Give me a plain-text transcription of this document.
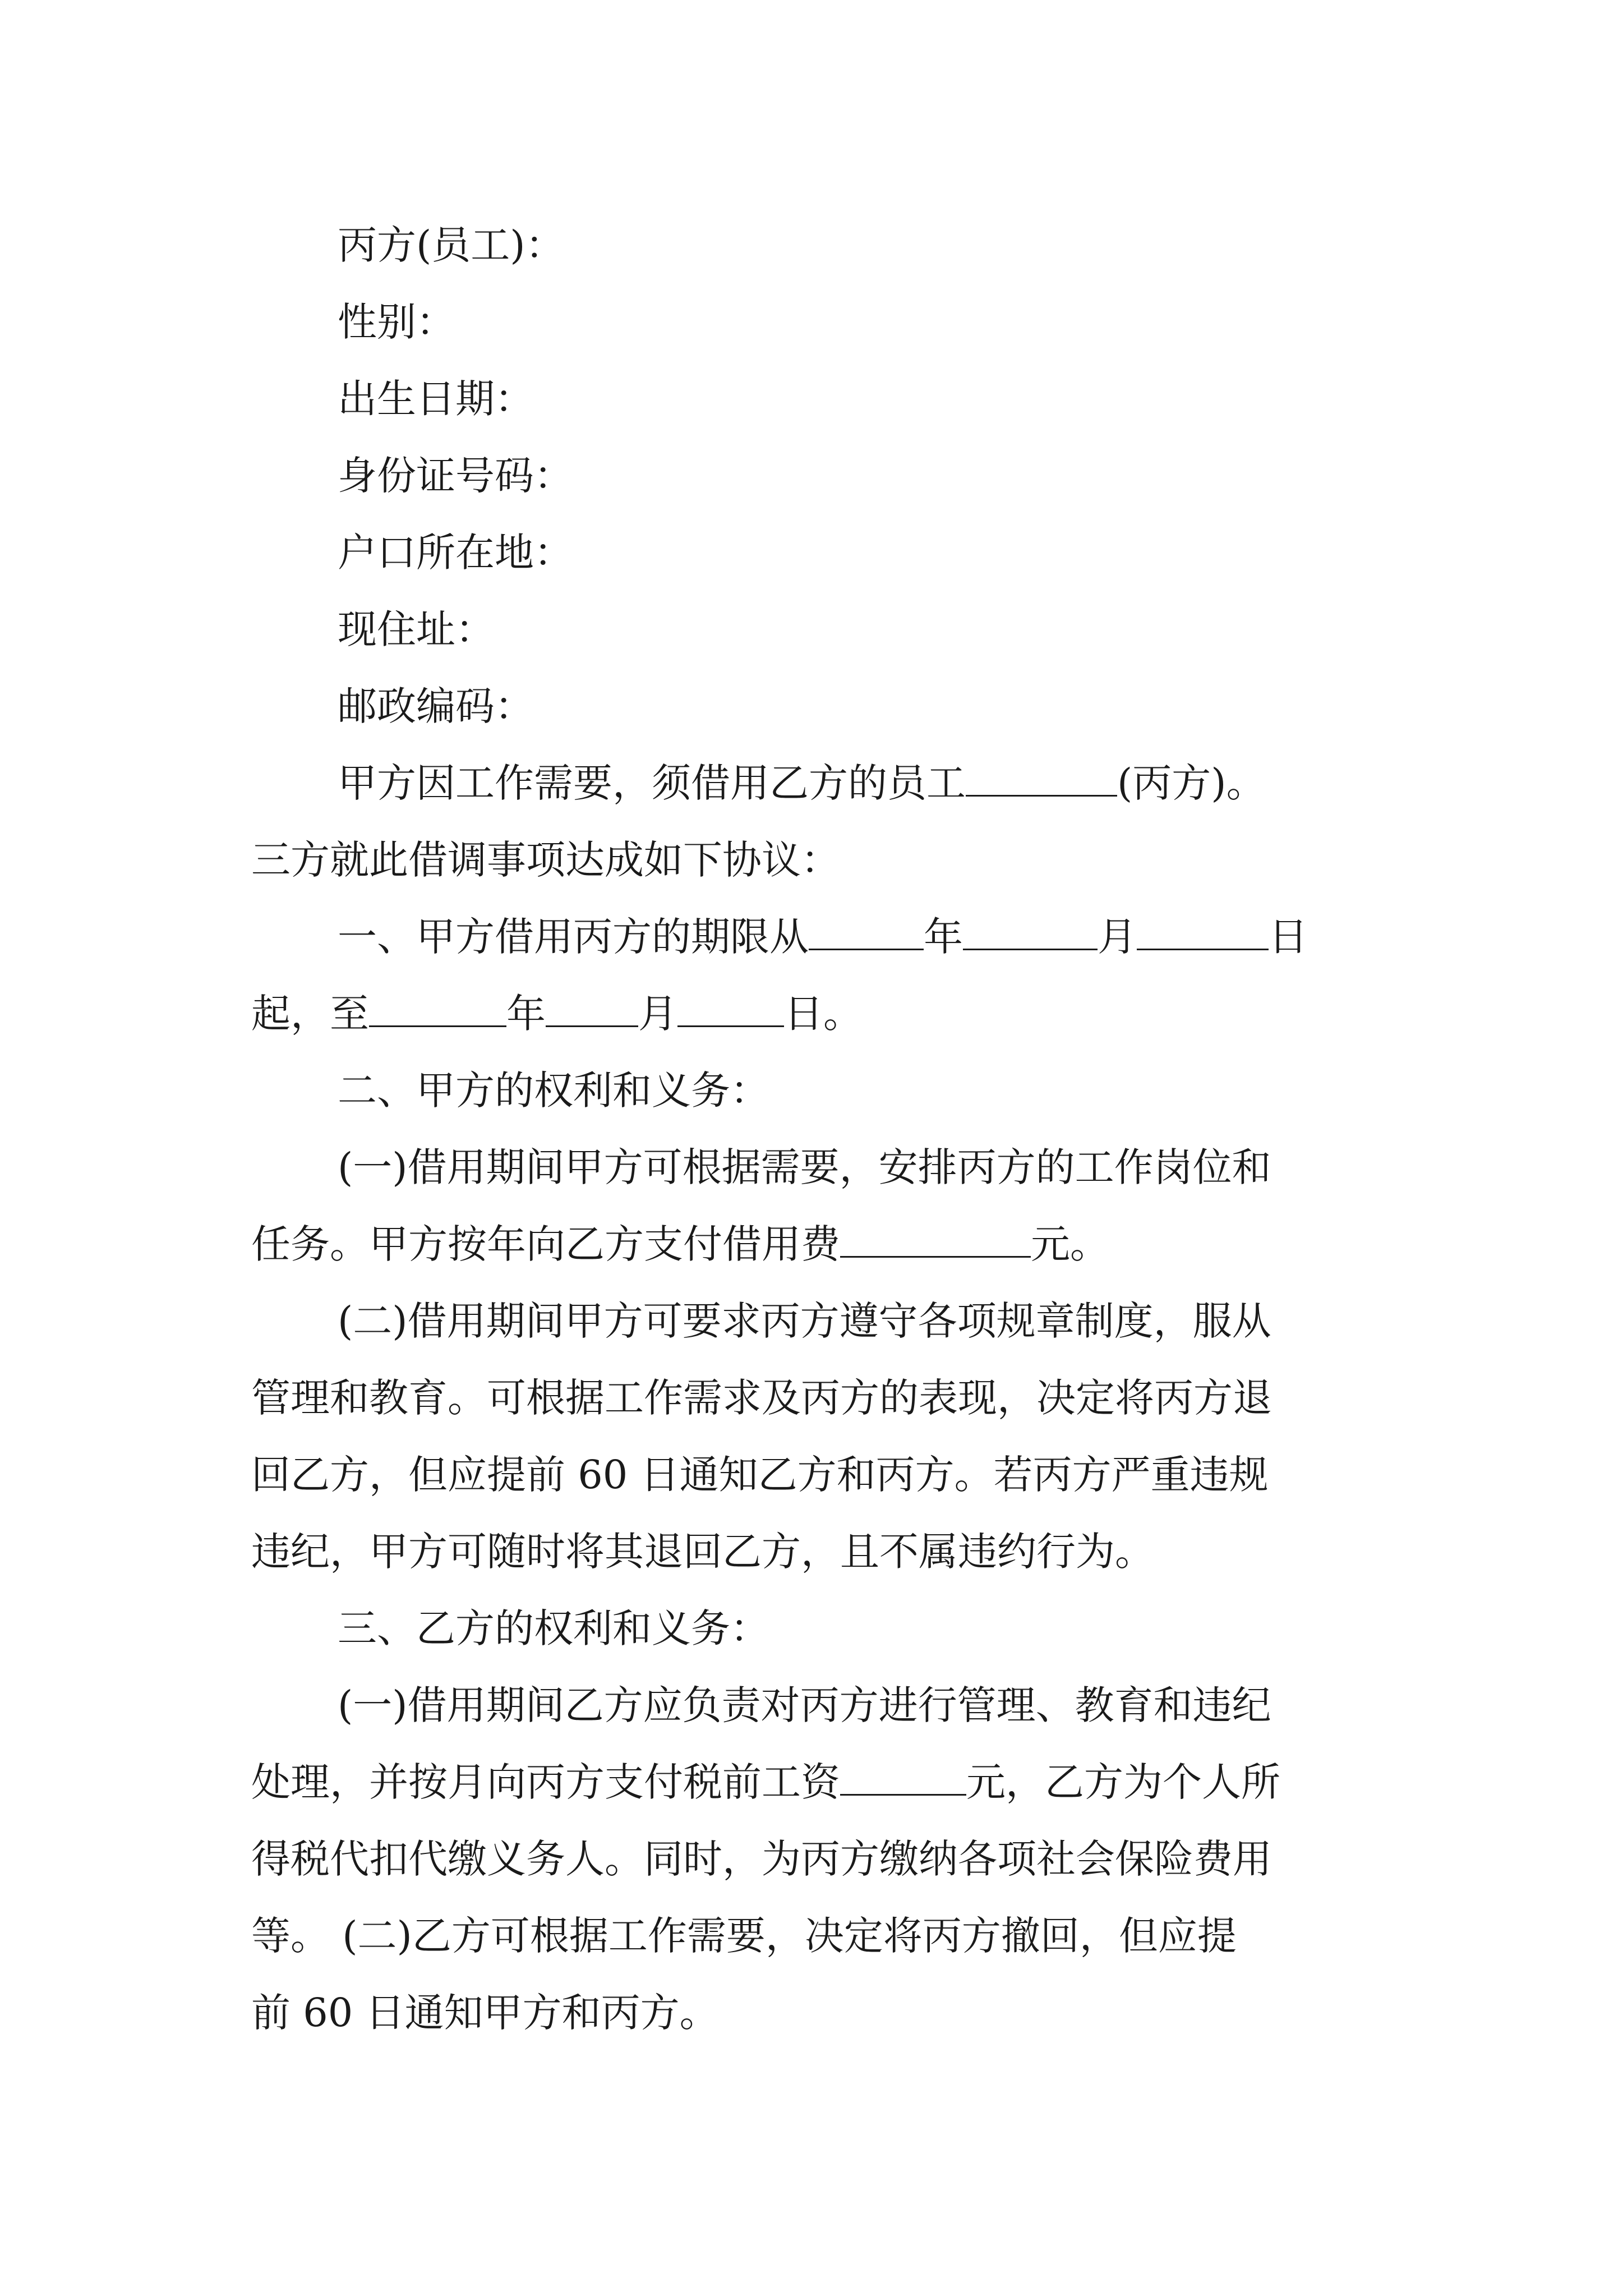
丙方(员工)：
性别：
出生日期：
身份证号码：
户口所在地：
现住址：
邮政编码：
甲方因工作需要，须借用乙方的员工	(丙方)。
三方就此借调事项达成如下协议：
一、甲方借用丙方的期限从	年	月	日
起，至	年 月	日。
二、甲方的权利和义务：
(一)借用期间甲方可根据需要，安排丙方的工作岗位和
任务。甲方按年向乙方支付借用费	元。
(二)借用期间甲方可要求丙方遵守各项规章制度，服从
管理和教育。可根据工作需求及丙方的表现，决定将丙方退
回乙方，但应提前 60 日通知乙方和丙方。若丙方严重违规
违纪，甲方可随时将其退回乙方，且不属违约行为。
三、乙方的权利和义务：
(一)借用期间乙方应负责对丙方进行管理、教育和违纪
处理，并按月向丙方支付税前工资	元，乙方为个人所
得税代扣代缴义务人。同时，为丙方缴纳各项社会保险费用
等。 (二)乙方可根据工作需要，决定将丙方撤回，但应提
前 60 日通知甲方和丙方。
